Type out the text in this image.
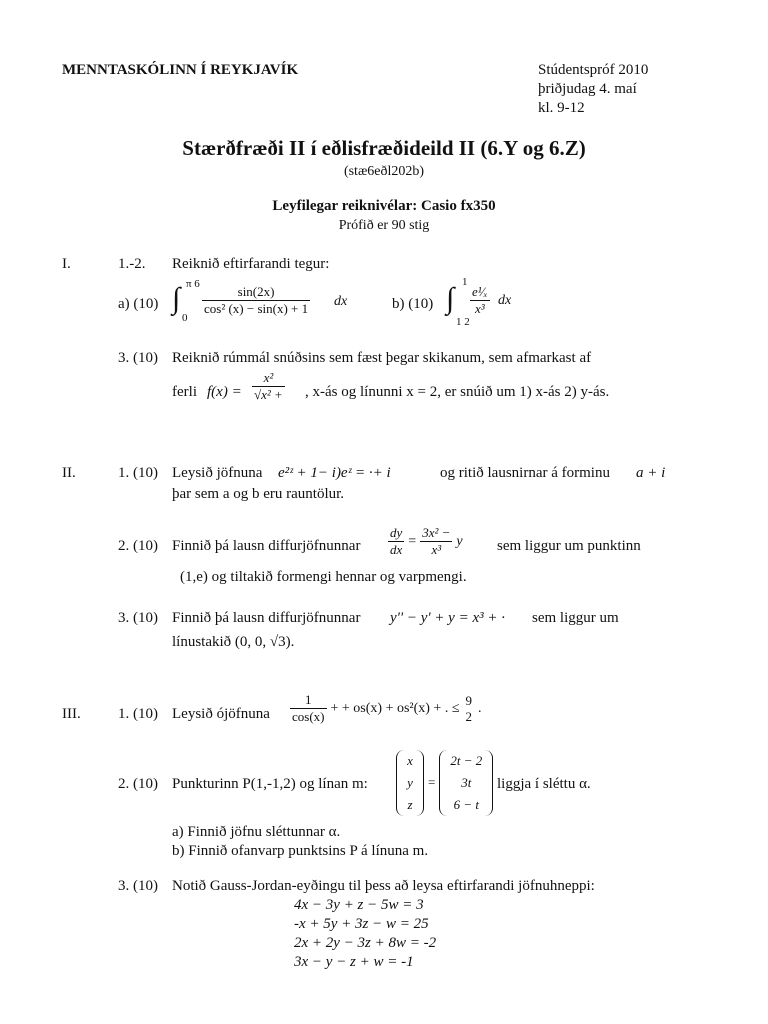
MENNTASKÓLINN Í REYKJAVÍK	Stúdentspróf 2010
þriðjudag 4. maí
kl. 9-12
Stærðfræði II í eðlisfræðideild II (6.Y og 6.Z)
(stæ6eðl202b)
Leyfilegar reiknivélar: Casio fx350
Prófið er 90 stig
I.	1.-2. Reiknið eftirfarandi tegur:
a) (10) ∫ π 6
0
$\frac{\sin(2x)}{\text{cos² (x) − sin(x) + 1}}$ dx	b) (10) ∫ 1
1 2
$\frac{\text{e¹⁄ₓ}}{\text{x³}}$ dx
3. (10) Reiknið rúmmál snúðsins sem fæst þegar skikanum, sem afmarkast af
ferli $f(x) = \frac{\text{x²}}{\text{√x² +}}$ , x-ás og línunni x = 2, er snúið um 1) x-ás 2) y-ás.
II.	1. (10) Leysið jöfnuna e²ᶻ + 1− i)eᶻ = ·+ i	og ritið lausnirnar á forminu a + i
þar sem a og b eru rauntölur.
2. (10) Finnið þá lausn diffurjöfnunnar $\frac{dy}{dx} = \frac{\text{3x² −}}{\text{x³}}$ y sem liggur um punktinn
(1,e) og tiltakið formengi hennar og varpmengi.
3. (10) Finnið þá lausn diffurjöfnunnar y'' − y' + y = x³ + · sem liggur um
línustakið (0, 0, √3).
III. 1. (10) Leysið ójöfnuna $\frac{1}{\cos(x)}$ + + os(x) + os²(x) + . ≤
9
2 .
2. (10) Punkturinn P(1,-1,2) og línan m:
x
y
z
=
2t − 2
3t
6 − t
liggja í sléttu α.
a) Finnið jöfnu sléttunnar α.
b) Finnið ofanvarp punktsins P á línuna m.
3. (10) Notið Gauss-Jordan-eyðingu til þess að leysa eftirfarandi jöfnuhneppi:
4x − 3y + z − 5w = 3
-x + 5y + 3z − w = 25
2x + 2y − 3z + 8w = -2
3x − y − z + w = -1
